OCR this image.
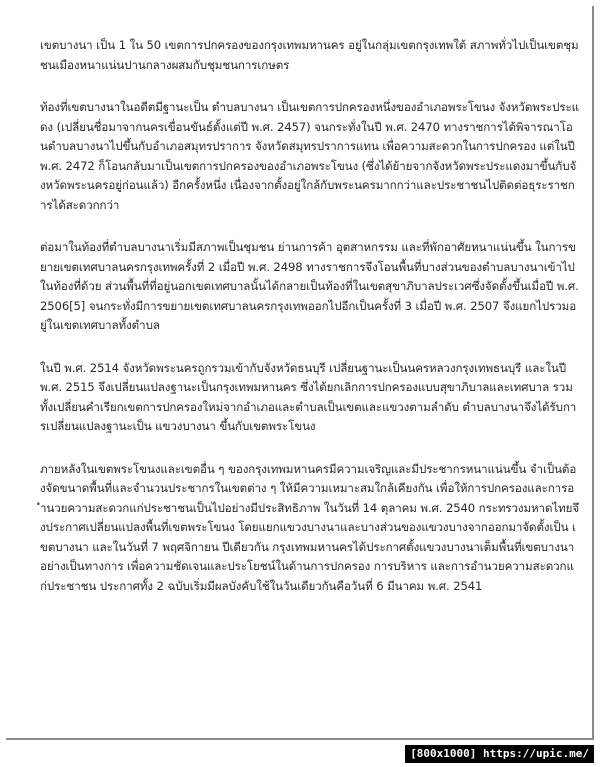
เขตบางนา เป็น 1 ใน 50 เขตการปกครองของกรุงเทพมหานคร อยู่ในกลุ่มเขตกรุงเทพใต้ สภาพทั่วไปเป็นเขตชุมชนเมืองหนาแน่นปานกลางผสมกับชุมชนการเกษตร

ท้องที่เขตบางนาในอดีตมีฐานะเป็น ตำบลบางนา เป็นเขตการปกครองหนึ่งของอำเภอพระโขนง จังหวัดพระประแดง (เปลี่ยนชื่อมาจากนครเขื่อนขันธ์ตั้งแต่ปี พ.ศ. 2457) จนกระทั่งในปี พ.ศ. 2470 ทางราชการได้พิจารณาโอนตำบลบางนาไปขึ้นกับอำเภอสมุทรปราการ จังหวัดสมุทรปราการแทน เพื่อความสะดวกในการปกครอง แต่ในปี พ.ศ. 2472 ก็โอนกลับมาเป็นเขตการปกครองของอำเภอพระโขนง (ซึ่งได้ย้ายจากจังหวัดพระประแดงมาขึ้นกับจังหวัดพระนครอยู่ก่อนแล้ว) อีกครั้งหนึ่ง เนื่องจากตั้งอยู่ใกล้กับพระนครมากกว่าและประชาชนไปติดต่อธุระราชการได้สะดวกกว่า

ต่อมาในท้องที่ตำบลบางนาเริ่มมีสภาพเป็นชุมชน ย่านการค้า อุตสาหกรรม และที่พักอาศัยหนาแน่นขึ้น ในการขยายเขตเทศบาลนครกรุงเทพครั้งที่ 2 เมื่อปี พ.ศ. 2498 ทางราชการจึงโอนพื้นที่บางส่วนของตำบลบางนาเข้าไปในท้องที่ด้วย ส่วนพื้นที่ที่อยู่นอกเขตเทศบาลนั้นได้กลายเป็นท้องที่ในเขตสุขาภิบาลประเวศซึ่งจัดตั้งขึ้นเมื่อปี พ.ศ. 2506[5] จนกระทั่งมีการขยายเขตเทศบาลนครกรุงเทพออกไปอีกเป็นครั้งที่ 3 เมื่อปี พ.ศ. 2507 จึงแยกไปรวมอยู่ในเขตเทศบาลทั้งตำบล

ในปี พ.ศ. 2514 จังหวัดพระนครถูกรวมเข้ากับจังหวัดธนบุรี เปลี่ยนฐานะเป็นนครหลวงกรุงเทพธนบุรี และในปี พ.ศ. 2515 จึงเปลี่ยนแปลงฐานะเป็นกรุงเทพมหานคร ซึ่งได้ยกเลิกการปกครองแบบสุขาภิบาลและเทศบาล รวมทั้งเปลี่ยนคำเรียกเขตการปกครองใหม่จากอำเภอและตำบลเป็นเขตและแขวงตามลำดับ ตำบลบางนาจึงได้รับการเปลี่ยนแปลงฐานะเป็น แขวงบางนา ขึ้นกับเขตพระโขนง

ภายหลังในเขตพระโขนงและเขตอื่น ๆ ของกรุงเทพมหานครมีความเจริญและมีประชากรหนาแน่นขึ้น จำเป็นต้องจัดขนาดพื้นที่และจำนวนประชากรในเขตต่าง ๆ ให้มีความเหมาะสมใกล้เคียงกัน เพื่อให้การปกครองและการอำนวยความสะดวกแก่ประชาชนเป็นไปอย่างมีประสิทธิภาพ ในวันที่ 14 ตุลาคม พ.ศ. 2540 กระทรวงมหาดไทยจึงประกาศเปลี่ยนแปลงพื้นที่เขตพระโขนง โดยแยกแขวงบางนาและบางส่วนของแขวงบางจากออกมาจัดตั้งเป็น เขตบางนา และในวันที่ 7 พฤศจิกายน ปีเดียวกัน กรุงเทพมหานครได้ประกาศตั้งแขวงบางนาเต็มพื้นที่เขตบางนาอย่างเป็นทางการ เพื่อความชัดเจนและประโยชน์ในด้านการปกครอง การบริหาร และการอำนวยความสะดวกแก่ประชาชน ประกาศทั้ง 2 ฉบับเริ่มมีผลบังคับใช้ในวันเดียวกันคือวันที่ 6 มีนาคม พ.ศ. 2541

[800x1000] https://upic.me/
